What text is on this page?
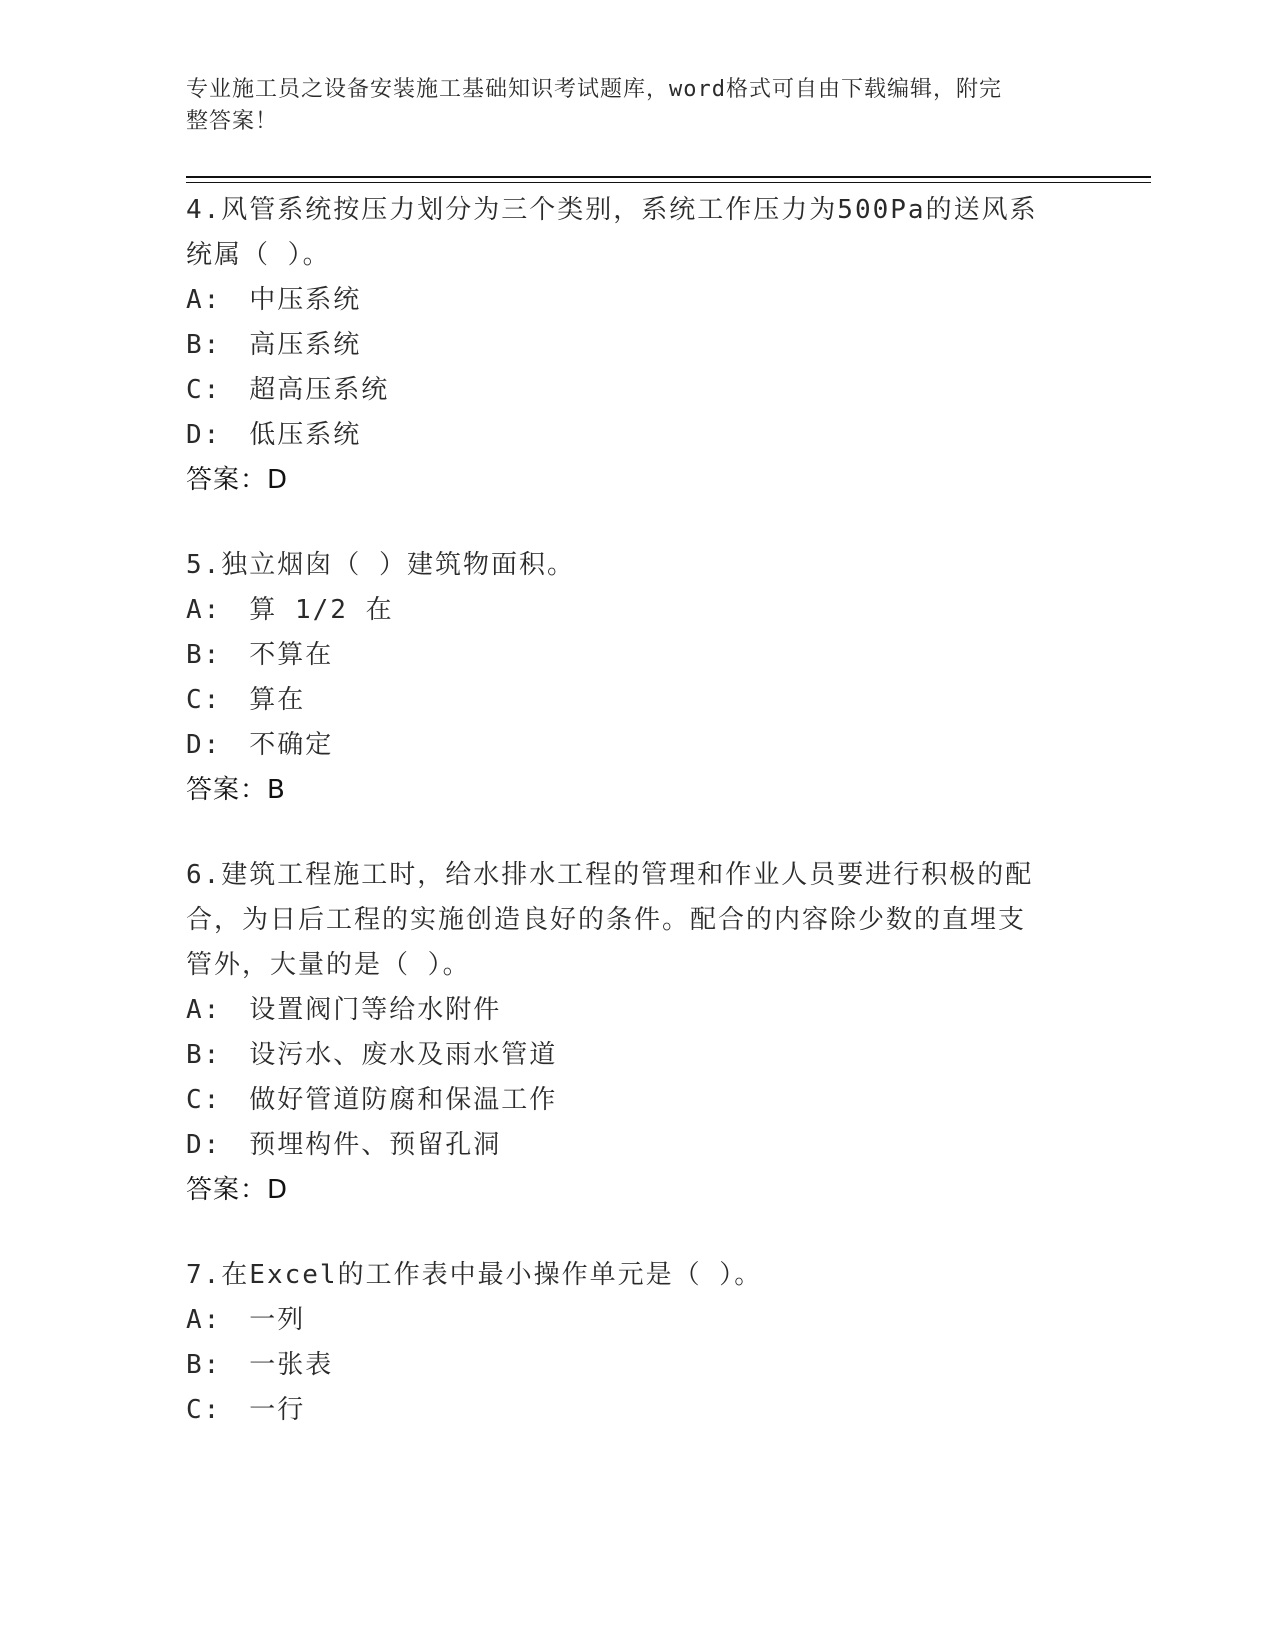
专业施工员之设备安装施工基础知识考试题库，word格式可自由下载编辑，附完
整答案！

4.风管系统按压力划分为三个类别，系统工作压力为500Pa的送风系

统属（ ）。

A:　中压系统

B:　高压系统

C:　超高压系统

D:　低压系统

答案：D

5.独立烟囱（ ）建筑物面积。

A:　算 1/2 在

B:　不算在

C:　算在

D:　不确定

答案：B

6.建筑工程施工时，给水排水工程的管理和作业人员要进行积极的配

合，为日后工程的实施创造良好的条件。配合的内容除少数的直埋支

管外，大量的是（ ）。

A:　设置阀门等给水附件

B:　设污水、废水及雨水管道

C:　做好管道防腐和保温工作

D:　预埋构件、预留孔洞

答案：D

7.在Excel的工作表中最小操作单元是（ ）。

A:　一列

B:　一张表

C:　一行
